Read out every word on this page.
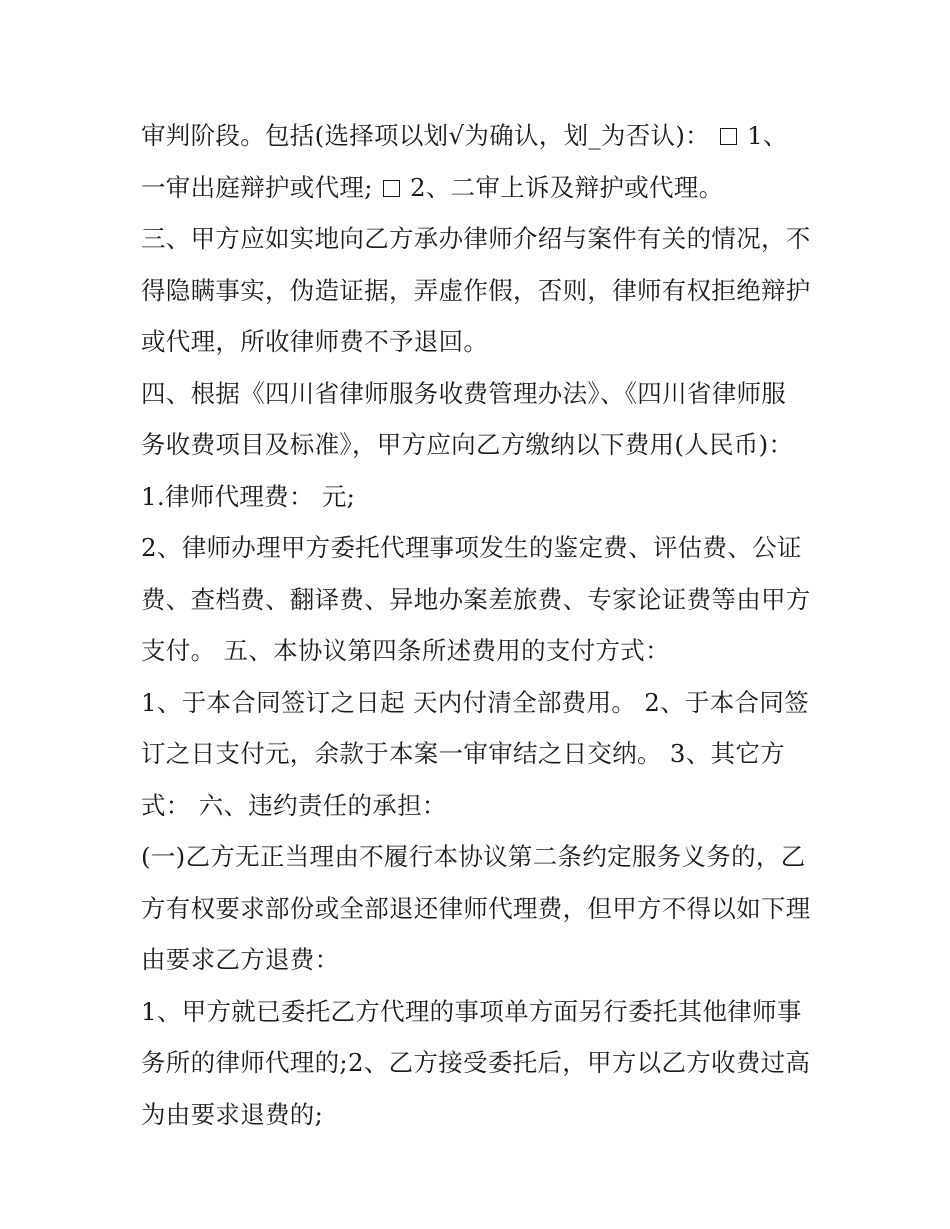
审判阶段。包括(选择项以划√为确认，划_为否认)： 1、
一审出庭辩护或代理; 2、二审上诉及辩护或代理。
三、甲方应如实地向乙方承办律师介绍与案件有关的情况，不
得隐瞒事实，伪造证据，弄虚作假，否则，律师有权拒绝辩护
或代理，所收律师费不予退回。
四、根据《四川省律师服务收费管理办法》、《四川省律师服
务收费项目及标准》，甲方应向乙方缴纳以下费用(人民币)：
1.律师代理费： 元;
2、律师办理甲方委托代理事项发生的鉴定费、评估费、公证
费、查档费、翻译费、异地办案差旅费、专家论证费等由甲方
支付。 五、本协议第四条所述费用的支付方式：
1、于本合同签订之日起 天内付清全部费用。 2、于本合同签
订之日支付元，余款于本案一审审结之日交纳。 3、其它方
式： 六、违约责任的承担：
(一)乙方无正当理由不履行本协议第二条约定服务义务的，乙
方有权要求部份或全部退还律师代理费，但甲方不得以如下理
由要求乙方退费：
1、甲方就已委托乙方代理的事项单方面另行委托其他律师事
务所的律师代理的;2、乙方接受委托后，甲方以乙方收费过高
为由要求退费的;
